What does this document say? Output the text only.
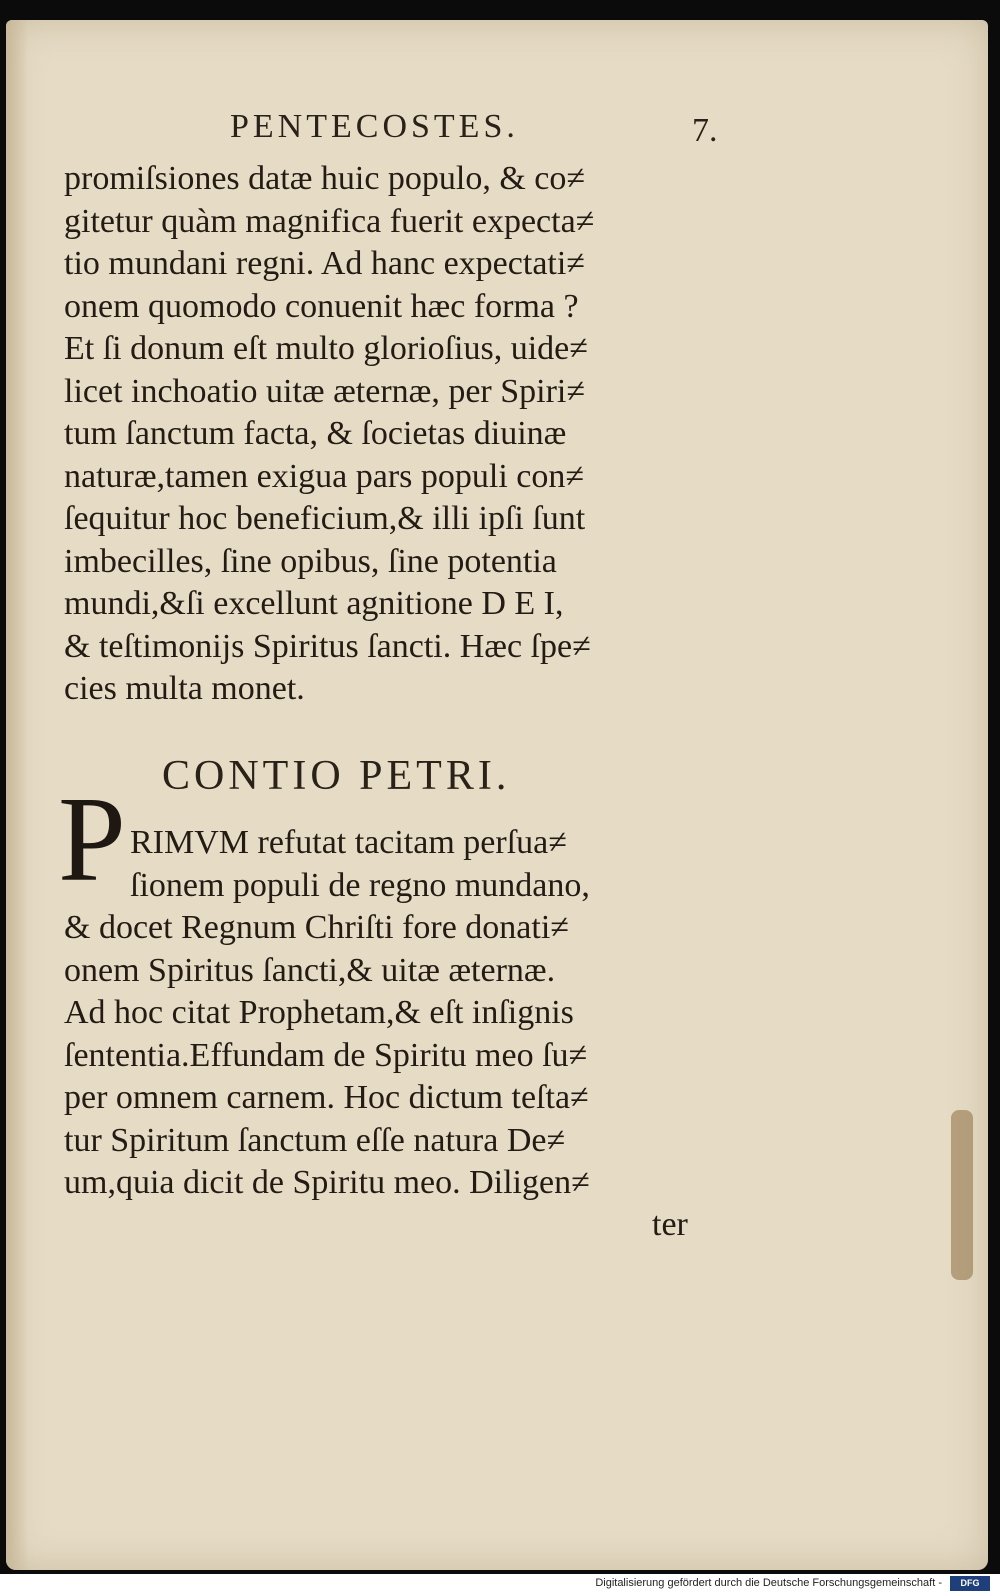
PENTECOSTES.	7.
promiſsiones datæ huic populo, & co≠
gitetur quàm magnifica fuerit expecta≠
tio mundani regni. Ad hanc expectati≠
onem quomodo conuenit hæc forma ?
Et ſi donum eſt multo glorioſius, uide≠
licet inchoatio uitæ æternæ, per Spiri≠
tum ſanctum facta, & ſocietas diuinæ
naturæ,tamen exigua pars populi con≠
ſequitur hoc beneficium,& illi ipſi ſunt
imbecilles, ſine opibus, ſine potentia
mundi,&ſi excellunt agnitione D E I,
& teſtimonijs Spiritus ſancti. Hæc ſpe≠
cies multa monet.
CONTIO PETRI.
P RIMVM refutat tacitam perſua≠
ſionem populi de regno mundano,
& docet Regnum Chriſti fore donati≠
onem Spiritus ſancti,& uitæ æternæ.
Ad hoc citat Prophetam,& eſt inſignis
ſententia.Effundam de Spiritu meo ſu≠
per omnem carnem. Hoc dictum teſta≠
tur Spiritum ſanctum eſſe natura De≠
um,quia dicit de Spiritu meo. Diligen≠
ter
Digitalisierung gefördert durch die Deutsche Forschungsgemeinschaft -	DFG
